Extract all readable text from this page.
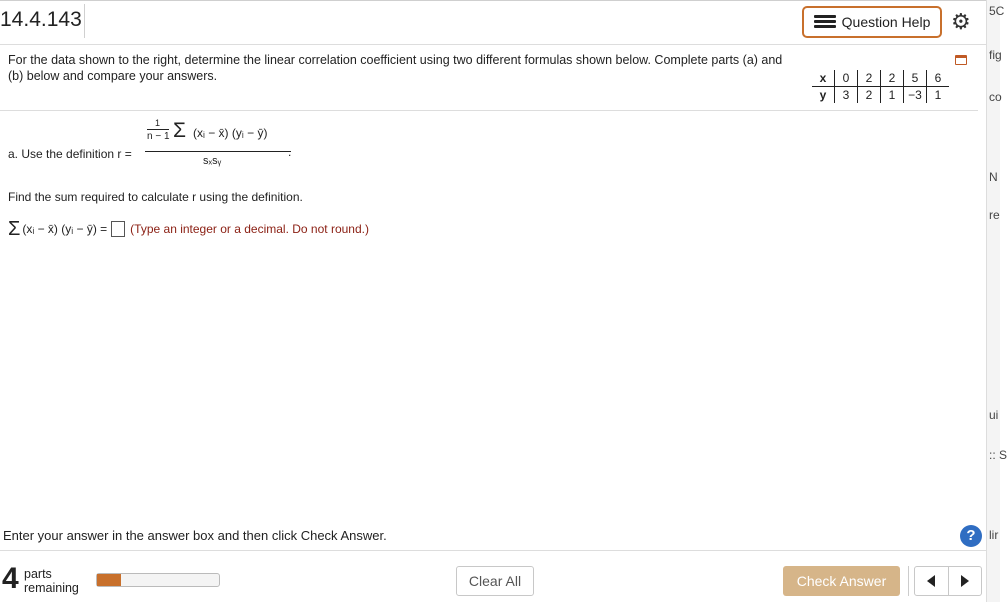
14.4.143	Question Help ⚙ 5C
fig
co
N
re
ui
:: S
lir
For the data shown to the right, determine the linear correlation coefficient using two different formulas shown below. Complete parts (a) and (b) below and compare your answers.	x	0	2	2	5	6
y	3	2	1	−3	1
a. Use the definition r =
1
n − 1 Σ (xᵢ − x̄) (yᵢ − ȳ)
sₓsᵧ
.
Find the sum required to calculate r using the definition.
Σ (xᵢ − x̄) (yᵢ − ȳ) = (Type an integer or a decimal. Do not round.)
Enter your answer in the answer box and then click Check Answer.	?
4 parts
remaining	Clear All	Check Answer
